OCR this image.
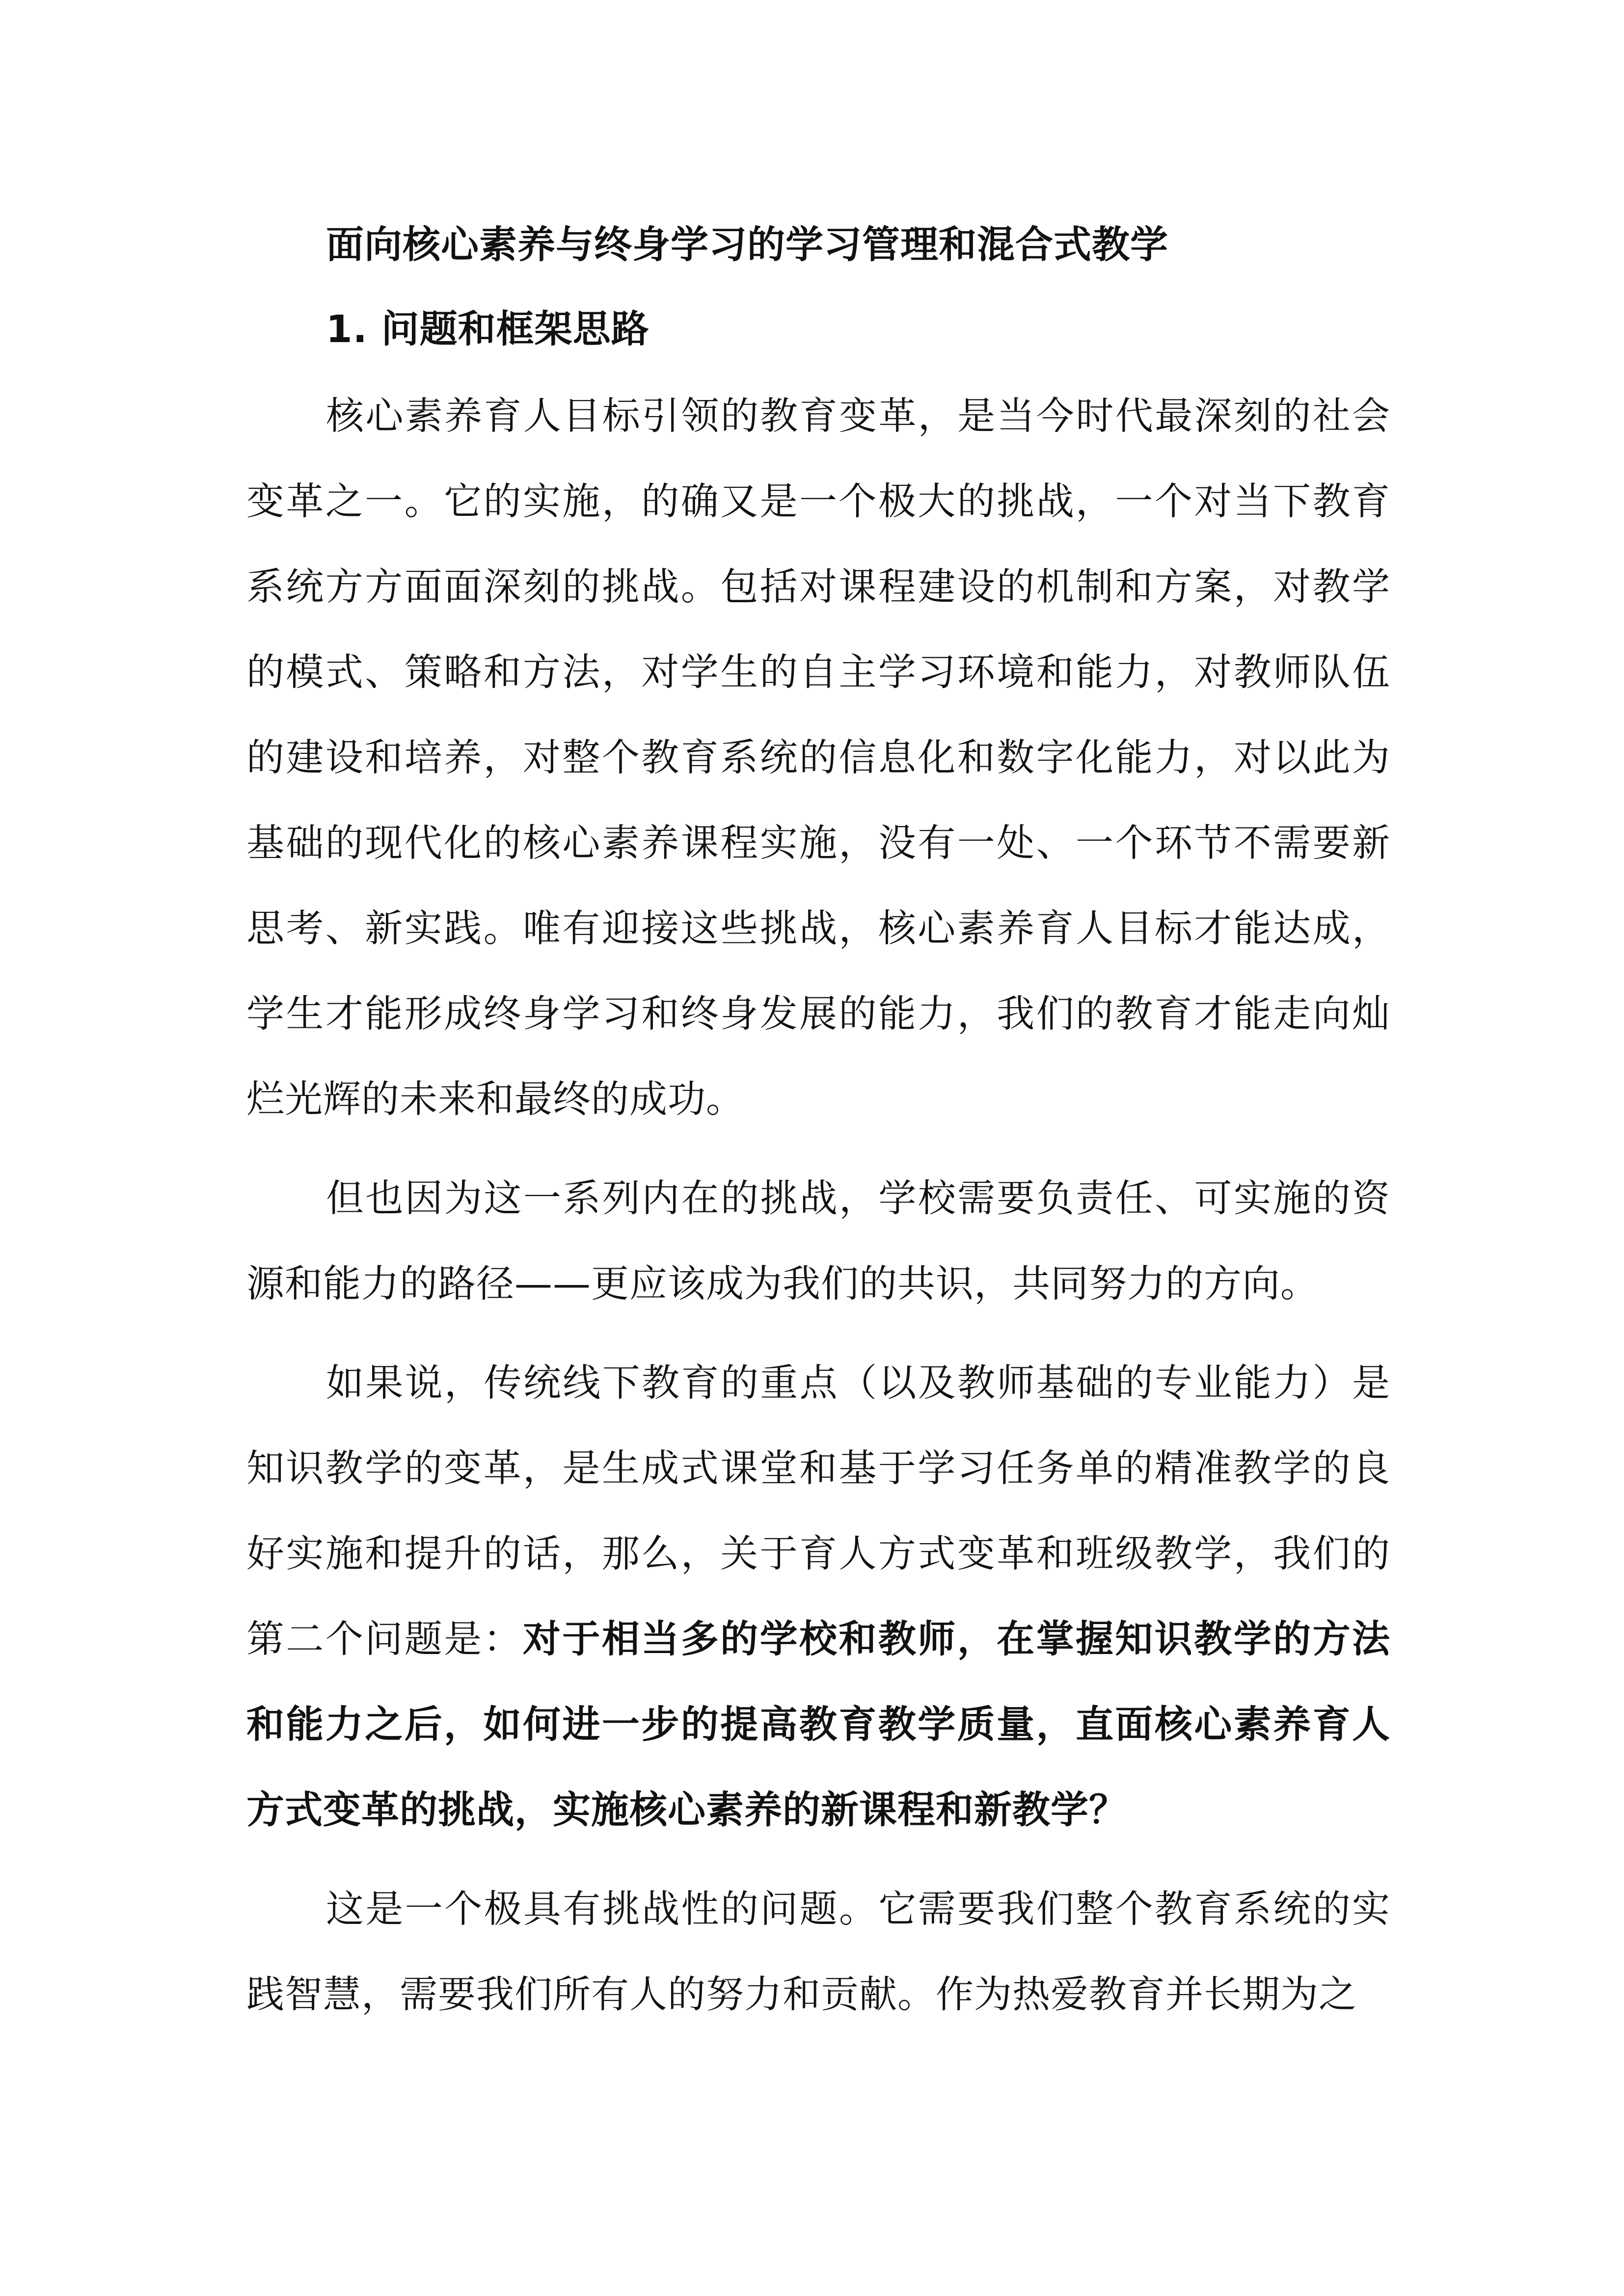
面向核心素养与终身学习的学习管理和混合式教学
1. 问题和框架思路

核心素养育人目标引领的教育变革，是当今时代最深刻的社会变革之一。它的实施，的确又是一个极大的挑战，一个对当下教育系统方方面面深刻的挑战。包括对课程建设的机制和方案，对教学的模式、策略和方法，对学生的自主学习环境和能力，对教师队伍的建设和培养，对整个教育系统的信息化和数字化能力，对以此为基础的现代化的核心素养课程实施，没有一处、一个环节不需要新思考、新实践。唯有迎接这些挑战，核心素养育人目标才能达成，学生才能形成终身学习和终身发展的能力，我们的教育才能走向灿烂光辉的未来和最终的成功。

但也因为这一系列内在的挑战，学校需要负责任、可实施的资源和能力的路径——更应该成为我们的共识，共同努力的方向。

如果说，传统线下教育的重点（以及教师基础的专业能力）是知识教学的变革，是生成式课堂和基于学习任务单的精准教学的良好实施和提升的话，那么，关于育人方式变革和班级教学，我们的第二个问题是：对于相当多的学校和教师，在掌握知识教学的方法和能力之后，如何进一步的提高教育教学质量，直面核心素养育人方式变革的挑战，实施核心素养的新课程和新教学？

这是一个极具有挑战性的问题。它需要我们整个教育系统的实践智慧，需要我们所有人的努力和贡献。作为热爱教育并长期为之
